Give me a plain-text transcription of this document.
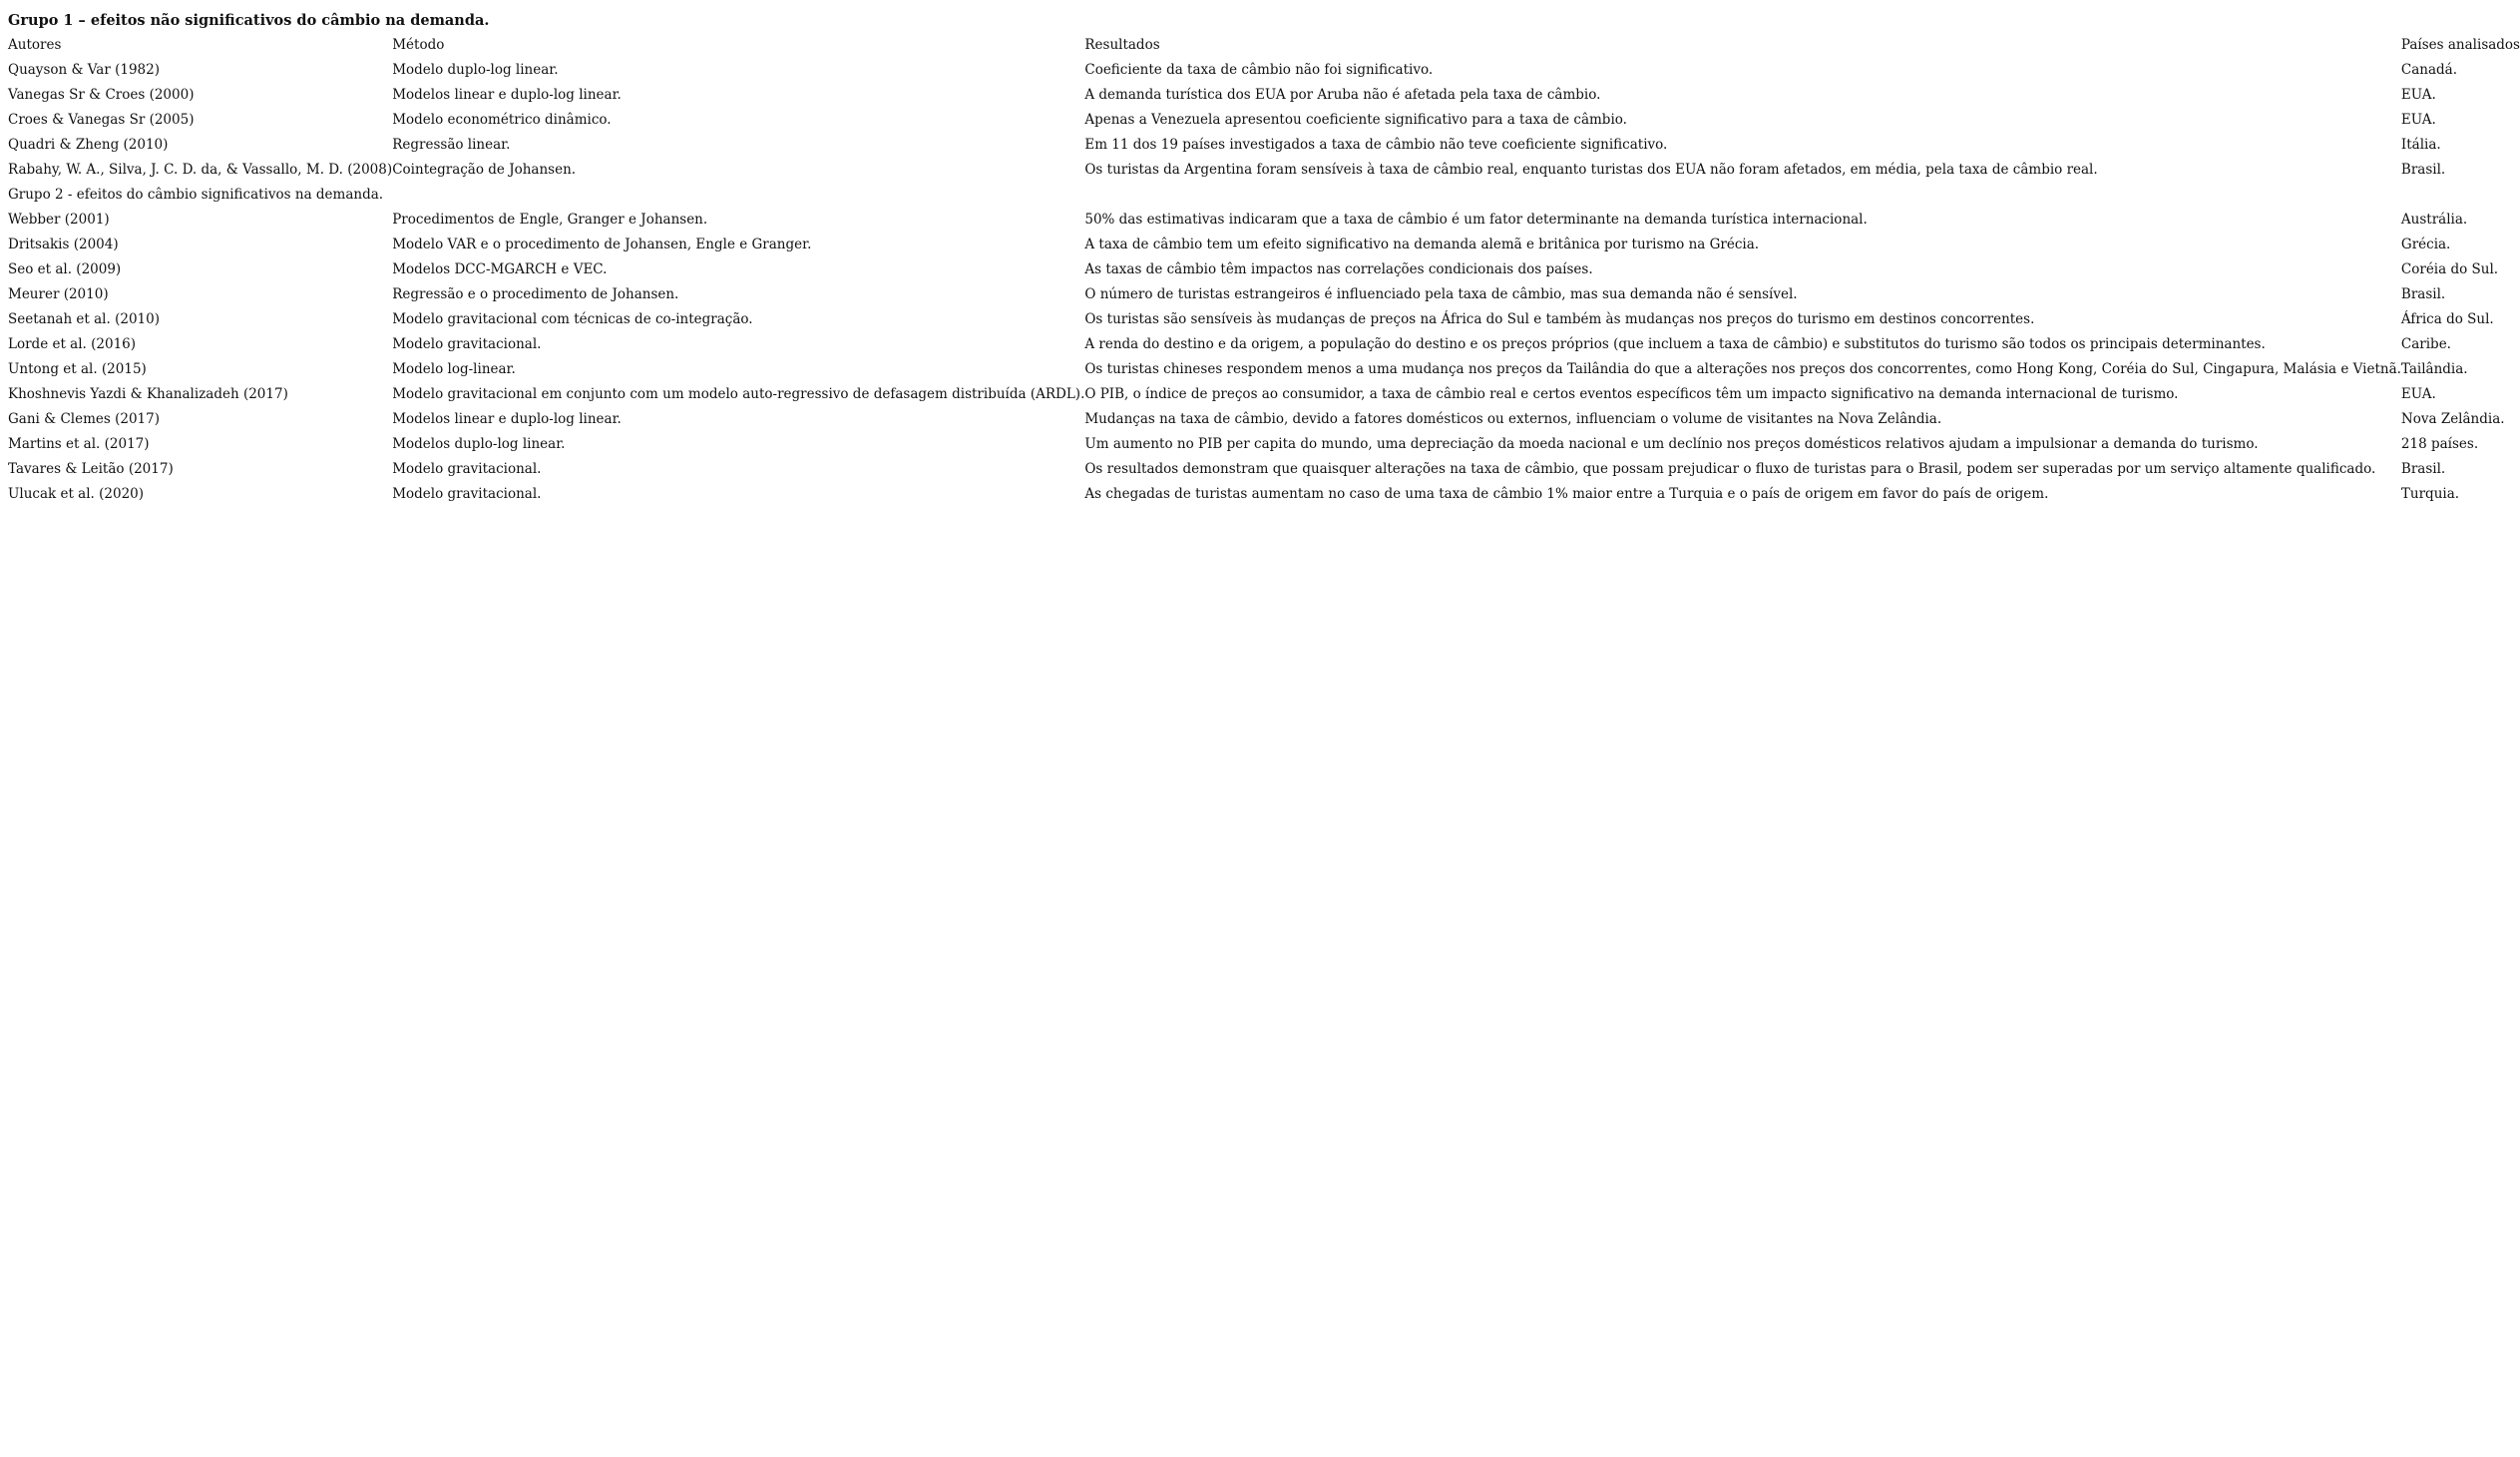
Grupo 1 – efeitos não significativos do câmbio na demanda.
Autores	Método	Resultados	Países analisados
Quayson & Var (1982)	Modelo duplo-log linear.	Coeficiente da taxa de câmbio não foi significativo.	Canadá.
Vanegas Sr & Croes (2000)	Modelos linear e duplo-log linear.	A demanda turística dos EUA por Aruba não é afetada pela taxa de câmbio.	EUA.
Croes & Vanegas Sr (2005)	Modelo econométrico dinâmico.	Apenas a Venezuela apresentou coeficiente significativo para a taxa de câmbio.	EUA.
Quadri & Zheng (2010)	Regressão linear.	Em 11 dos 19 países investigados a taxa de câmbio não teve coeficiente significativo.	Itália.
Rabahy, W. A., Silva, J. C. D. da, & Vassallo, M. D. (2008)	Cointegração de Johansen.	Os turistas da Argentina foram sensíveis à taxa de câmbio real, enquanto turistas dos EUA não foram afetados, em média, pela taxa de câmbio real.	Brasil.
Grupo 2 - efeitos do câmbio significativos na demanda.			
Webber (2001)	Procedimentos de Engle, Granger e Johansen.	50% das estimativas indicaram que a taxa de câmbio é um fator determinante na demanda turística internacional.	Austrália.
Dritsakis (2004)	Modelo VAR e o procedimento de Johansen, Engle e Granger.	A taxa de câmbio tem um efeito significativo na demanda alemã e britânica por turismo na Grécia.	Grécia.
Seo et al. (2009)	Modelos DCC-MGARCH e VEC.	As taxas de câmbio têm impactos nas correlações condicionais dos países.	Coréia do Sul.
Meurer (2010)	Regressão e o procedimento de Johansen.	O número de turistas estrangeiros é influenciado pela taxa de câmbio, mas sua demanda não é sensível.	Brasil.
Seetanah et al. (2010)	Modelo gravitacional com técnicas de co-integração.	Os turistas são sensíveis às mudanças de preços na África do Sul e também às mudanças nos preços do turismo em destinos concorrentes.	África do Sul.
Lorde et al. (2016)	Modelo gravitacional.	A renda do destino e da origem, a população do destino e os preços próprios (que incluem a taxa de câmbio) e substitutos do turismo são todos os principais determinantes.	Caribe.
Untong et al. (2015)	Modelo log-linear.	Os turistas chineses respondem menos a uma mudança nos preços da Tailândia do que a alterações nos preços dos concorrentes, como Hong Kong, Coréia do Sul, Cingapura, Malásia e Vietnã.	Tailândia.
Khoshnevis Yazdi & Khanalizadeh (2017)	Modelo gravitacional em conjunto com um modelo auto-regressivo de defasagem distribuída (ARDL).	O PIB, o índice de preços ao consumidor, a taxa de câmbio real e certos eventos específicos têm um impacto significativo na demanda internacional de turismo.	EUA.
Gani & Clemes (2017)	Modelos linear e duplo-log linear.	Mudanças na taxa de câmbio, devido a fatores domésticos ou externos, influenciam o volume de visitantes na Nova Zelândia.	Nova Zelândia.
Martins et al. (2017)	Modelos duplo-log linear.	Um aumento no PIB per capita do mundo, uma depreciação da moeda nacional e um declínio nos preços domésticos relativos ajudam a impulsionar a demanda do turismo.	218 países.
Tavares & Leitão (2017)	Modelo gravitacional.	Os resultados demonstram que quaisquer alterações na taxa de câmbio, que possam prejudicar o fluxo de turistas para o Brasil, podem ser superadas por um serviço altamente qualificado.	Brasil.
Ulucak et al. (2020)	Modelo gravitacional.	As chegadas de turistas aumentam no caso de uma taxa de câmbio 1% maior entre a Turquia e o país de origem em favor do país de origem.	Turquia.
